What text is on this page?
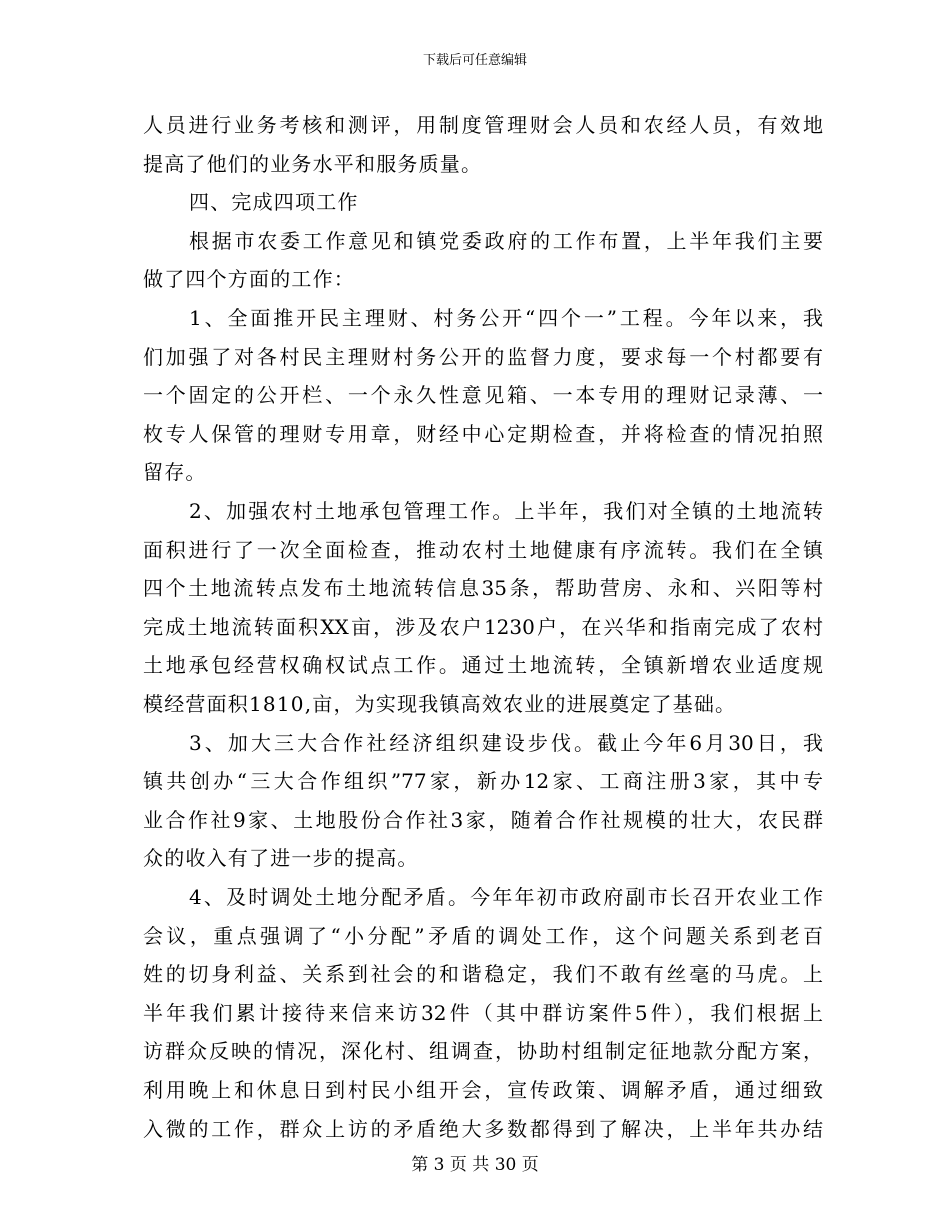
下载后可任意编辑
人员进行业务考核和测评，用制度管理财会人员和农经人员，有效地
提高了他们的业务水平和服务质量。
四、完成四项工作
根据市农委工作意见和镇党委政府的工作布置，上半年我们主要
做了四个方面的工作：
1、全面推开民主理财、村务公开“四个一”工程。今年以来，我
们加强了对各村民主理财村务公开的监督力度，要求每一个村都要有
一个固定的公开栏、一个永久性意见箱、一本专用的理财记录薄、一
枚专人保管的理财专用章，财经中心定期检查，并将检查的情况拍照
留存。
2、加强农村土地承包管理工作。上半年，我们对全镇的土地流转
面积进行了一次全面检查，推动农村土地健康有序流转。我们在全镇
四个土地流转点发布土地流转信息35条，帮助营房、永和、兴阳等村
完成土地流转面积XX亩，涉及农户1230户，在兴华和指南完成了农村
土地承包经营权确权试点工作。通过土地流转，全镇新增农业适度规
模经营面积1810,亩，为实现我镇高效农业的进展奠定了基础。
3、加大三大合作社经济组织建设步伐。截止今年6月30日，我
镇共创办“三大合作组织”77家，新办12家、工商注册3家，其中专
业合作社9家、土地股份合作社3家，随着合作社规模的壮大，农民群
众的收入有了进一步的提高。
4、及时调处土地分配矛盾。今年年初市政府副市长召开农业工作
会议，重点强调了“小分配”矛盾的调处工作，这个问题关系到老百
姓的切身利益、关系到社会的和谐稳定，我们不敢有丝毫的马虎。上
半年我们累计接待来信来访32件（其中群访案件5件），我们根据上
访群众反映的情况，深化村、组调查，协助村组制定征地款分配方案，
利用晚上和休息日到村民小组开会，宣传政策、调解矛盾，通过细致
入微的工作，群众上访的矛盾绝大多数都得到了解决，上半年共办结
第 3 页 共 30 页
